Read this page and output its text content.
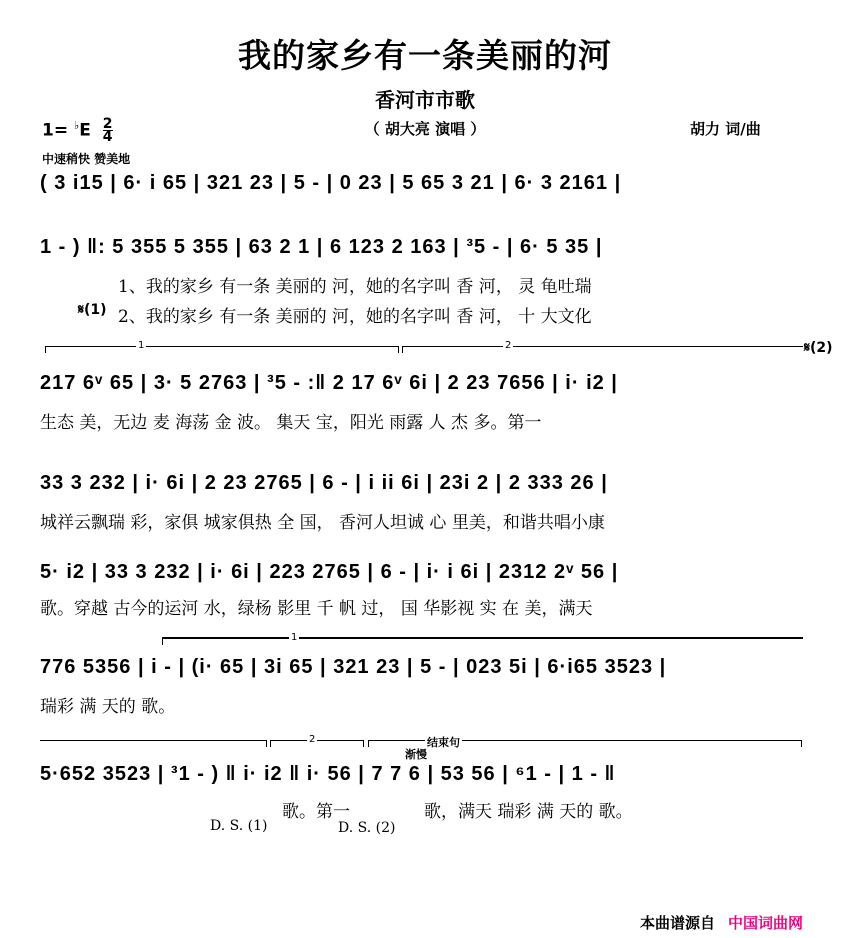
我的家乡有一条美丽的河
香河市市歌
$1= ^♭E \frac{2}{4}$	（ 胡大亮 演唱 ）	胡力 词/曲
中速稍快 赞美地
( 3 i15 | 6· i 65 | 321 23 | 5 - | 0 23 | 5 65 3 21 | 6· 3 2161 |
1 - ) ‖: 5 355 5 355 | 63 2 1 | 6 123 2 163 | ³5 - | 6· 5 35 |
1、我的家乡 有一条 美丽的 河，她的名字叫 香 河， 灵 龟吐瑞
𝄋(1) 2、我的家乡 有一条 美丽的 河，她的名字叫 香 河， 十 大文化
1	2	𝄋(2)
217 6ᵛ 65 | 3· 5 2763 | ³5 - :‖ 2 17 6ᵛ 6i | 2 23 7656 | i· i2 |
生态 美，无边 麦 海荡 金 波。 集天 宝，阳光 雨露 人 杰 多。第一
33 3 232 | i· 6i | 2 23 2765 | 6 - | i ii 6i | 23i 2 | 2 333 26 |
城祥云飘瑞 彩，家俱 城家俱热 全 国， 香河人坦诚 心 里美，和谐共唱小康
5· i2 | 33 3 232 | i· 6i | 223 2765 | 6 - | i· i 6i | 2312 2ᵛ 56 |
歌。穿越 古今的运河 水，绿杨 影里 千 帆 过， 国 华影视 实 在 美，满天
1
776 5356 | i - | (i· 65 | 3i 65 | 321 23 | 5 - | 023 5i | 6·i65 3523 |
瑞彩 满 天的 歌。
2	结束句
渐慢
5·652 3523 | ³1 - ) ‖ i· i2 ‖ i· 56 | 7 7 6 | 53 56 | ⁶1 - | 1 - ‖
歌。第一	歌，满天 瑞彩 满 天的 歌。
D. S. (1)	D. S. (2)
本曲谱源自 中国词曲网
